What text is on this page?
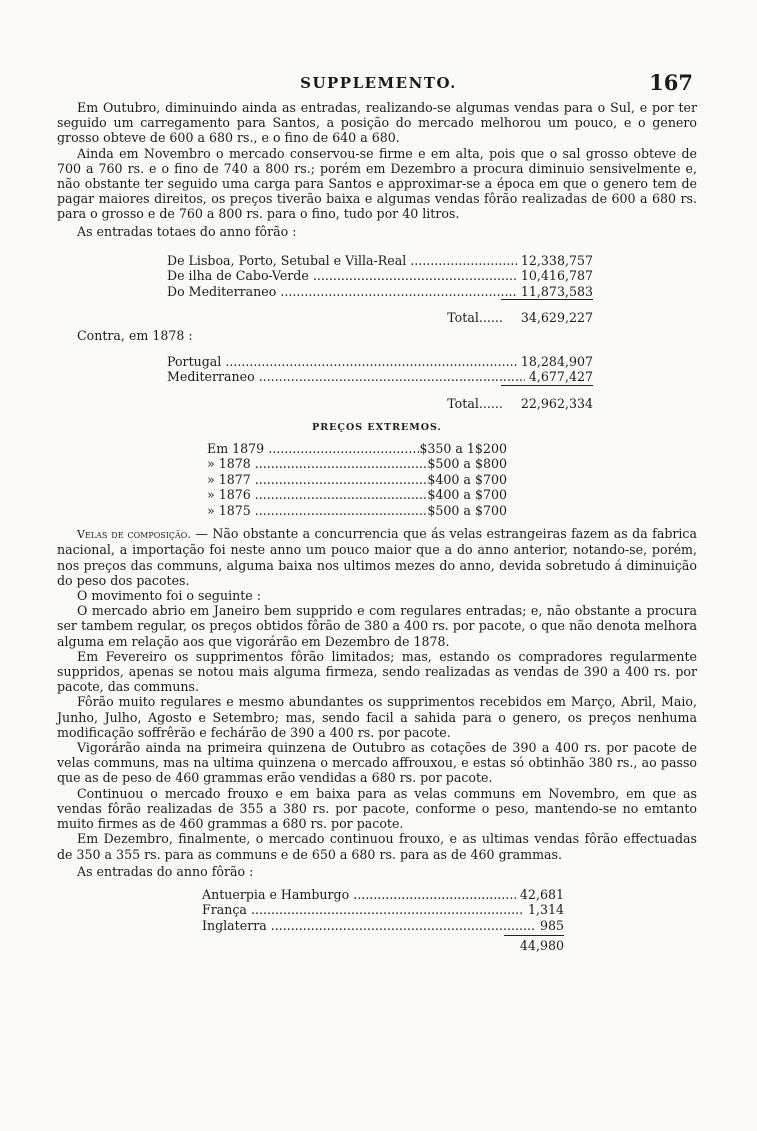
SUPPLEMENTO.	167

Em Outubro, diminuindo ainda as entradas, realizando-se algumas vendas para o Sul, e por ter seguido um carregamento para Santos, a posição do mercado melhorou um pouco, e o genero grosso obteve de 600 a 680 rs., e o fino de 640 a 680.

Ainda em Novembro o mercado conservou-se firme e em alta, pois que o sal grosso obteve de 700 a 760 rs. e o fino de 740 a 800 rs.; porém em Dezembro a procura diminuio sensivelmente e, não obstante ter seguido uma carga para Santos e approximar-se a época em que o genero tem de pagar maiores direitos, os preços tiverão baixa e algumas vendas fôrão realizadas de 600 a 680 rs. para o grosso e de 760 a 800 rs. para o fino, tudo por 40 litros.

As entradas totaes do anno fôrão :

De Lisboa, Porto, Setubal e Villa-Real .....	12,338,757
De ilha de Cabo-Verde .....	10,416,787
Do Mediterraneo .....	11,873,583
Total...... 34,629,227

Contra, em 1878 :

Portugal .....	18,284,907
Mediterraneo .....	4,677,427
Total...... 22,962,334
PREÇOS EXTREMOS.
Em 1879 .....	$350 a 1$200
» 1878 .....	$500 a $800
» 1877 .....	$400 a $700
» 1876 .....	$400 a $700
» 1875 .....	$500 a $700

Velas de composição. — Não obstante a concurrencia que ás velas estrangeiras fazem as da fabrica nacional, a importação foi neste anno um pouco maior que a do anno anterior, notando-se, porém, nos preços das communs, alguma baixa nos ultimos mezes do anno, devida sobretudo á diminuição do peso dos pacotes.

O movimento foi o seguinte :

O mercado abrio em Janeiro bem supprido e com regulares entradas; e, não obstante a procura ser tambem regular, os preços obtidos fôrão de 380 a 400 rs. por pacote, o que não denota melhora alguma em relação aos que vigorárão em Dezembro de 1878.

Em Fevereiro os supprimentos fôrão limitados; mas, estando os compradores regularmente suppridos, apenas se notou mais alguma firmeza, sendo realizadas as vendas de 390 a 400 rs. por pacote, das communs.

Fôrão muito regulares e mesmo abundantes os supprimentos recebidos em Março, Abril, Maio, Junho, Julho, Agosto e Setembro; mas, sendo facil a sahida para o genero, os preços nenhuma modificação soffrêrão e fechárão de 390 a 400 rs. por pacote.

Vigorárão ainda na primeira quinzena de Outubro as cotações de 390 a 400 rs. por pacote de velas communs, mas na ultima quinzena o mercado affrouxou, e estas só obtinhão 380 rs., ao passo que as de peso de 460 grammas erão vendidas a 680 rs. por pacote.

Continuou o mercado frouxo e em baixa para as velas communs em Novembro, em que as vendas fôrão realizadas de 355 a 380 rs. por pacote, conforme o peso, mantendo-se no emtanto muito firmes as de 460 grammas a 680 rs. por pacote.

Em Dezembro, finalmente, o mercado continuou frouxo, e as ultimas vendas fôrão effectuadas de 350 a 355 rs. para as communs e de 650 a 680 rs. para as de 460 grammas.

As entradas do anno fôrão :

Antuerpia e Hamburgo .....	42,681
França .....	1,314
Inglaterra .....	985
44,980
